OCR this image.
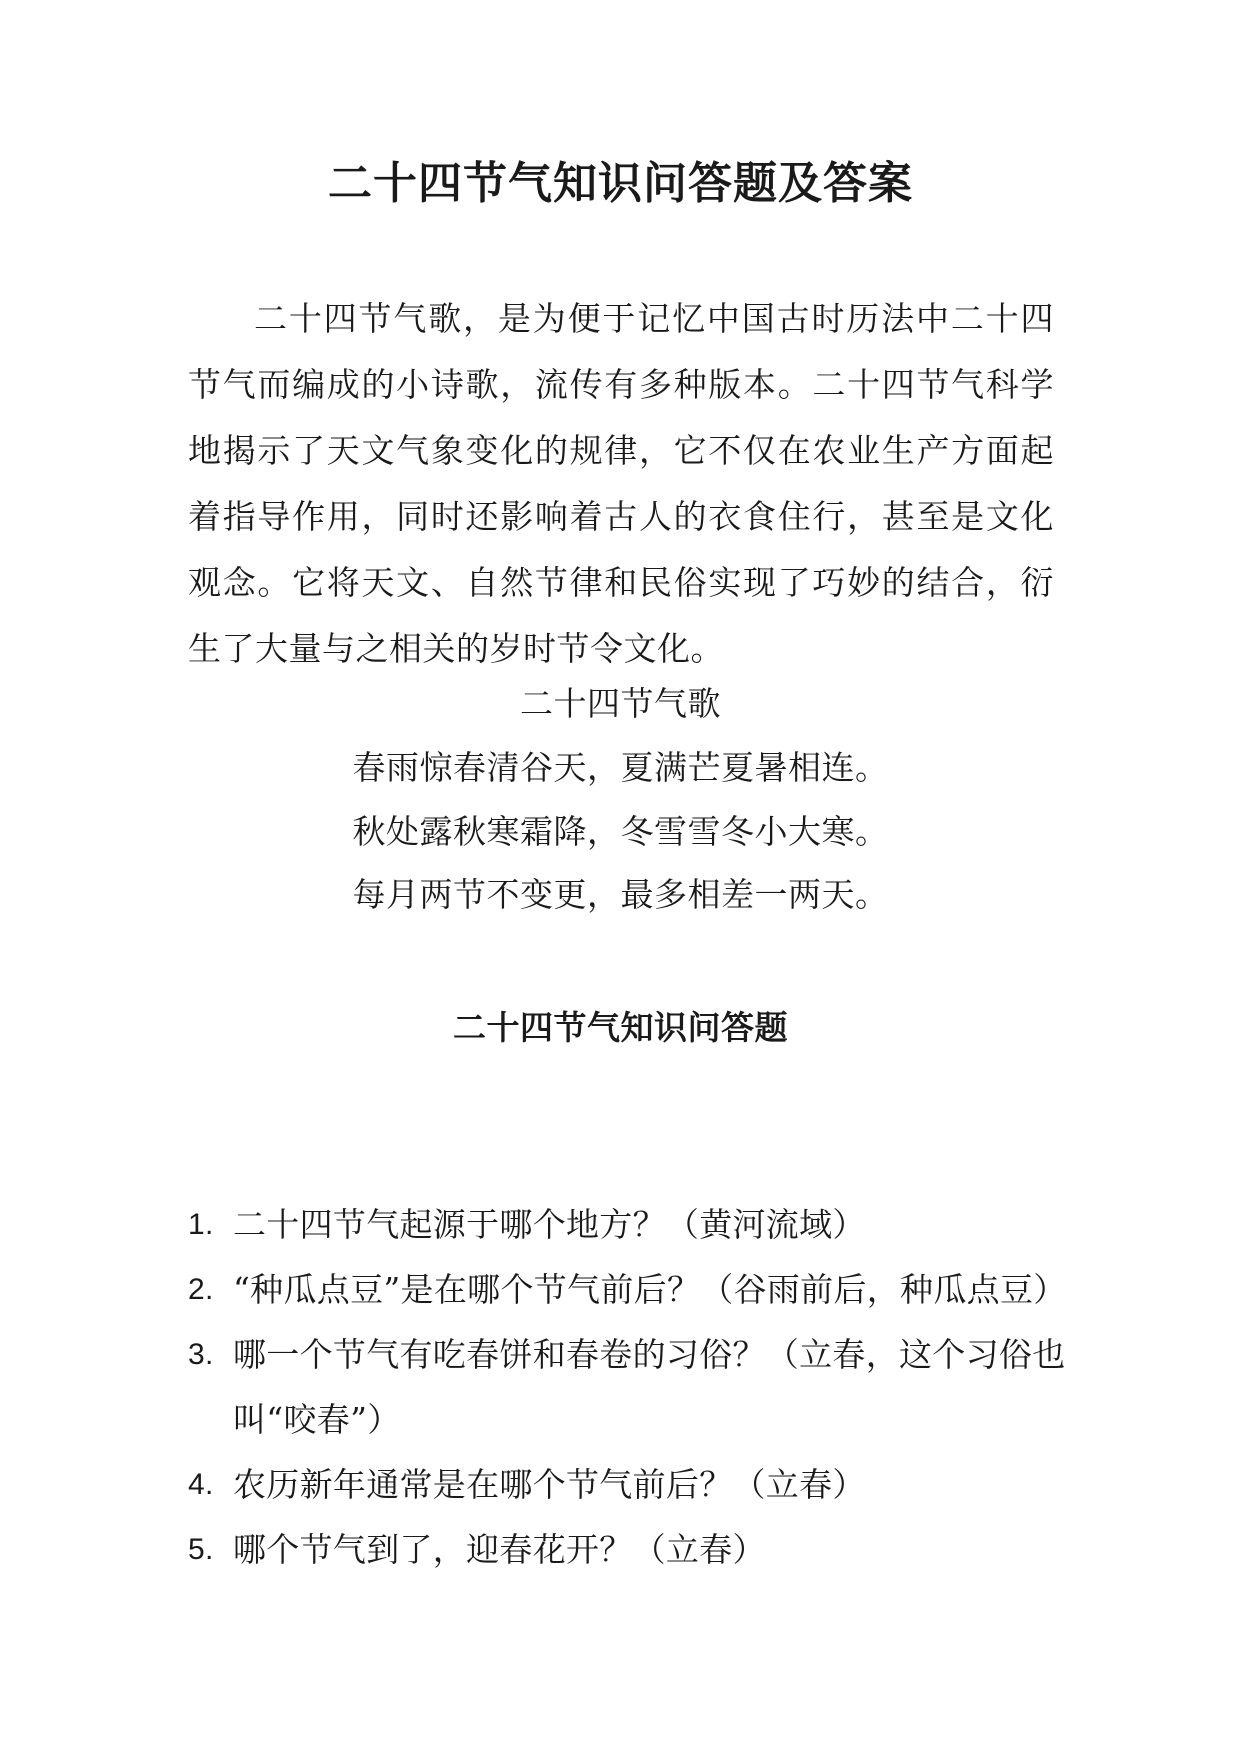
二十四节气知识问答题及答案

二十四节气歌，是为便于记忆中国古时历法中二十四节气而编成的小诗歌，流传有多种版本。二十四节气科学地揭示了天文气象变化的规律，它不仅在农业生产方面起着指导作用，同时还影响着古人的衣食住行，甚至是文化观念。它将天文、自然节律和民俗实现了巧妙的结合，衍生了大量与之相关的岁时节令文化。

二十四节气歌
春雨惊春清谷天，夏满芒夏暑相连。
秋处露秋寒霜降，冬雪雪冬小大寒。
每月两节不变更，最多相差一两天。
二十四节气知识问答题
1. 二十四节气起源于哪个地方？（黄河流域）
2. “种瓜点豆”是在哪个节气前后？（谷雨前后，种瓜点豆）
3. 哪一个节气有吃春饼和春卷的习俗？（立春，这个习俗也叫“咬春”）
4. 农历新年通常是在哪个节气前后？（立春）
5. 哪个节气到了，迎春花开？（立春）
